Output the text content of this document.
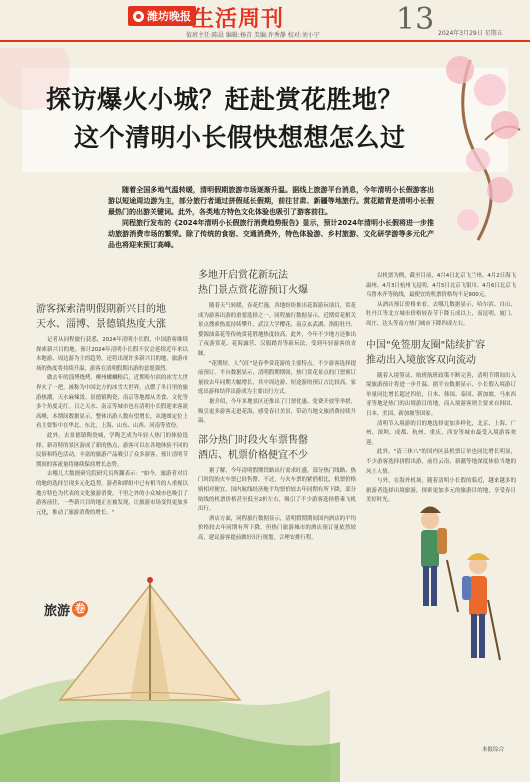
潍坊晚报 生活周刊	13
值班主任:陈晨 编辑:杨青 美编:许秀静 校对:刘小宁	2024年3月29日 星期五
探访爆火小城？赶赴赏花胜地？
这个清明小长假快想想怎么过

随着全国多地气温转暖，清明假期旅游市场逐渐升温。据线上旅游平台消息，今年清明小长假游客出游以短途周边游为主，部分旅行者通过拼假延长假期，前往甘肃、新疆等地旅行。赏花踏青是清明小长假最热门的出游关键词。此外，各类地方特色文化体验也吸引了游客前往。

同程旅行发布的《2024年清明小长假旅行消费趋势报告》显示，预计2024年清明小长假将进一步推动旅游消费市场的繁荣。除了传统的食宿、交通消费外，特色体验游、乡村旅游、文化研学游等多元化产品也将迎来预订高峰。

游客探索清明假期新兴目的地

天水、淄博、景德镇热度大涨

记者从同程旅行获悉，2024年清明小长假，中国游客继续探索新兴目的地。预计2024年清明小长假不仅会延续近年来以本地游、周边游为主的趋势，还将出现许多新兴目的地，旅游市场的热度将持续升温，游客在清明假期出游的意愿强烈。

做去年的淄博烧烤、柳州螺蛳粉后，近期哈尔滨的冰雪大世界火了一把，被称为中国北方的冰雪大世界，点燃了冬日里的旅游热潮。天水麻辣烫、景德镇陶瓷、南京等地都从美食、文化等多个角度走红。日之天水、南京等城市也在清明小长假迎来客流高峰，本期间数据显示，整体出游人数有望增长，从地图定位上看主要集中在华北、东北，上海、山东、山西、河南等省份。

此外，去景德镇陶瓷城，学陶艺成为年轻人热门的体验选择，新奇特的景区游成了新的热点，游客可以在各地体验不同的民俗和特色活动，丰富的旅游产品吸引了众多游客，预计清明节期间的客流量将继续保持增长态势。

去哪儿大数据研究院研究员所翻表示："如今，旅游者对目的地的选择呈现多元化趋势，游者和群组中已有相当的人重视以地方特色为代表的文化旅游消费，千里之外的小众城市也吸引了游客前往，一些新兴目的地正在被发现，让旅游市场变得更加多元化，推动了旅游消费的增长。"

旅游 卷

多地开启赏花新玩法

热门景点赏花游预订火爆

随着天气转暖，春花烂漫，各地纷纷推出花海游玩项目，赏花成为游客出游的重要选择之一。同程旅行数据显示，近期赏花相关景点搜索热度持续攀升，武汉大学樱花、南京玄武湖、洛阳牡丹、婺源油菜花等传统赏花胜地热度较高。此外，今年不少地方还推出了夜游赏花、花海露营、汉服踏青等新玩法，受到年轻游客的青睐。

"花期短、人气旺"是春季赏花游的主要特点，不少游客选择提前预订。平台数据显示，清明假期期间，热门赏花景点的门票预订量较去年同期大幅增长，其中周边游、短途游的预订占比较高，家庭出游和结伴出游成为主要出行方式。

据介绍，今年多地景区还推出了门票优惠、免费开放等举措，吸引更多游客走进花海，感受春日美景，带动当地文旅消费持续升温。

部分热门时段火车票售罄

酒店、机票价格便宜不少

据了解，今年清明假期铁路出行需求旺盛，部分热门线路、热门时段的火车票已经售罄。不过，与火车票的紧俏相比，机票价格则相对便宜，国内航线经济舱平均票价较去年同期有所下降，部分航线的机票价格甚至低至2折左右，吸引了不少游客选择搭乘飞机出行。

酒店方面，同程旅行数据显示，清明假期期间国内酒店的平均价格较去年同期有所下降，但热门旅游城市的酒店预订量依然较高，建议游客提前做好出行规划，合理安排行程。

以机票为例，截至目前，4月4日北京飞兰州、4月2日海飞温州、4月3日杭州飞昆明、4月5日北京飞银川、4月6日北京飞乌鲁木齐等航线，最便宜的机票价格均不足900元。

从酒店预订价格来看，去哪儿数据显示，哈尔滨、自山、牡丹江等北方城市价格较春节下降五成以上，而昆明、厦门、周庄、达头等南方热门城市下降四成左右。

中国"免签朋友圈"陆续扩容

推动出入境旅客双向流动

随着入境签证、航班航班政策不断完善，清明节期间出入境旅游预计将进一步升温。据平台数据显示，小长假入境游订单量同比增长超过四倍，日本、韩国、泰国、新加坡、马来西亚等地是热门的出境游目的地，而入境游客则主要来自韩国、日本、美国、新加坡等国家。

清明节入境游的目的地选择更加多样化，北京、上海、广州、深圳、成都、杭州、重庆、西安等城市最受入境游客欢迎。

此外，"清三休八"的国内区县机票订单也同比增长明显，不少游客选择拼假出游，前往云南、新疆等地深度体验当地的风土人情。

与外，在海外机场，随着清明小长假的临近，越来越多的旅游者选择出境旅游，探索更加多元的旅游目的地，享受春日美好时光。

本报综合
